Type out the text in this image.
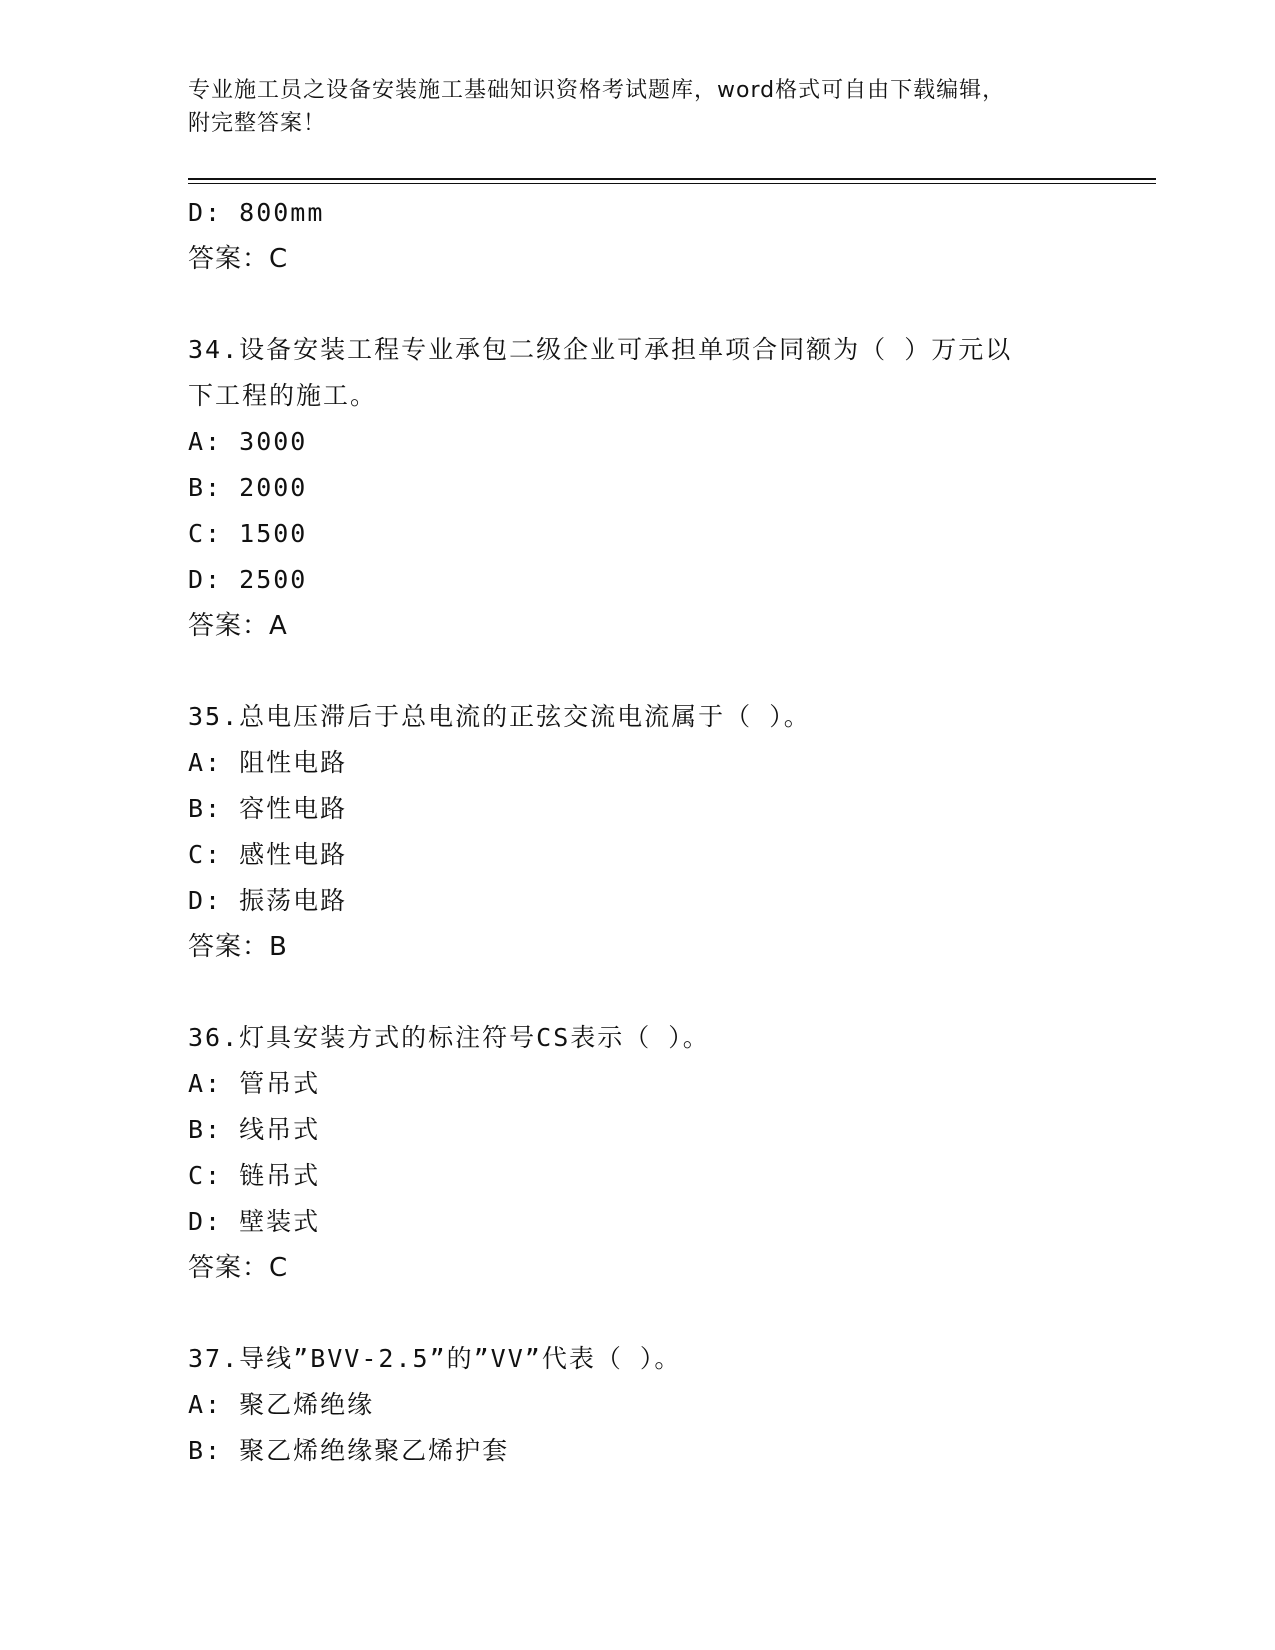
专业施工员之设备安装施工基础知识资格考试题库，word格式可自由下载编辑，
附完整答案！
D: 800mm
答案：C
34.设备安装工程专业承包二级企业可承担单项合同额为（ ）万元以
下工程的施工。
A: 3000
B: 2000
C: 1500
D: 2500
答案：A
35.总电压滞后于总电流的正弦交流电流属于（ ）。
A: 阻性电路
B: 容性电路
C: 感性电路
D: 振荡电路
答案：B
36.灯具安装方式的标注符号CS表示（ ）。
A: 管吊式
B: 线吊式
C: 链吊式
D: 壁装式
答案：C
37.导线”BVV-2.5”的”VV”代表（ ）。
A: 聚乙烯绝缘
B: 聚乙烯绝缘聚乙烯护套
